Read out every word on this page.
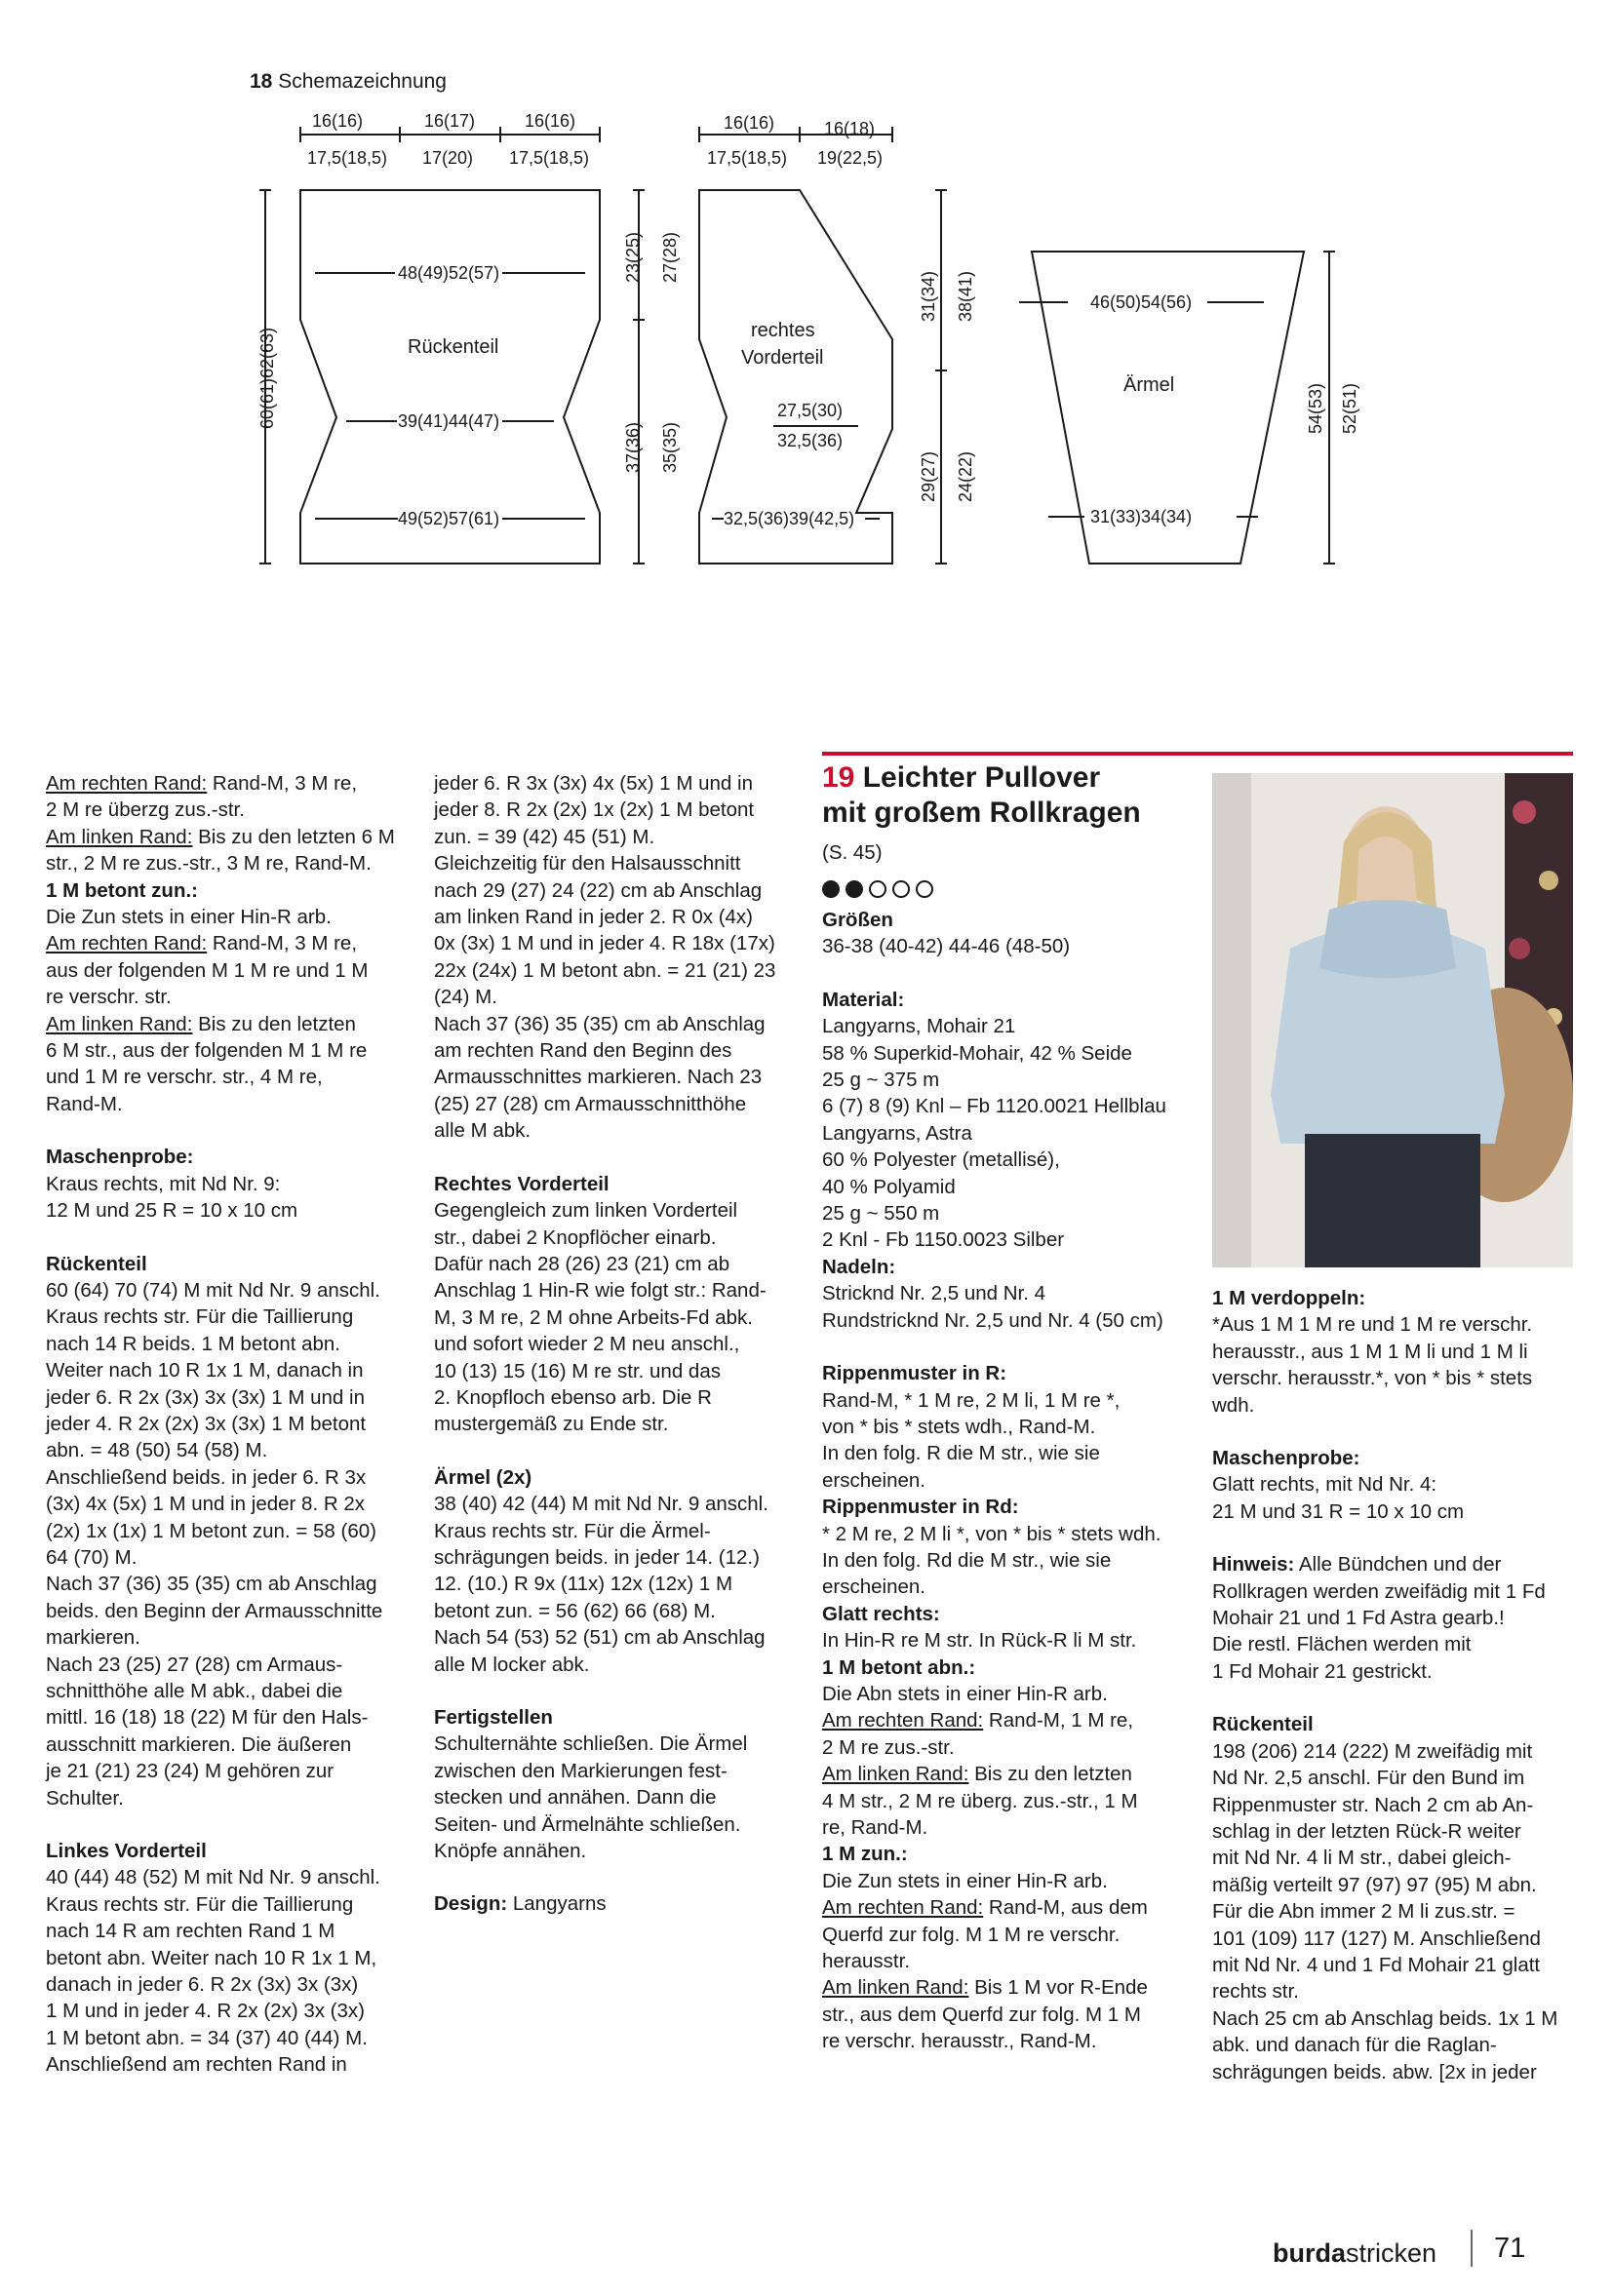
18 Schemazeichnung
16(16)	16(17)	16(16)
17,5(18,5) 17(20) 17,5(18,5)
48(49)52(57)
Rückenteil
39(41)44(47)
49(52)57(61)
60(61)62(63)
23(25) 27(28)
37(36) 35(35)
16(16)	16(18)
17,5(18,5) 19(22,5)
rechtes
Vorderteil
27,5(30)
32,5(36)
32,5(36)39(42,5)
31(34) 38(41)
29(27) 24(22)
46(50)54(56)
Ärmel
31(33)34(34)
54(53) 52(51)

Am rechten Rand: Rand-M, 3 M re,

2 M re überzg zus.-str.

Am linken Rand: Bis zu den letzten 6 M

str., 2 M re zus.-str., 3 M re, Rand-M.

1 M betont zun.:

Die Zun stets in einer Hin-R arb.

Am rechten Rand: Rand-M, 3 M re,

aus der folgenden M 1 M re und 1 M

re verschr. str.

Am linken Rand: Bis zu den letzten

6 M str., aus der folgenden M 1 M re

und 1 M re verschr. str., 4 M re,

Rand-M.

Maschenprobe:

Kraus rechts, mit Nd Nr. 9:

12 M und 25 R = 10 x 10 cm

Rückenteil

60 (64) 70 (74) M mit Nd Nr. 9 anschl.

Kraus rechts str. Für die Taillierung

nach 14 R beids. 1 M betont abn.

Weiter nach 10 R 1x 1 M, danach in

jeder 6. R 2x (3x) 3x (3x) 1 M und in

jeder 4. R 2x (2x) 3x (3x) 1 M betont

abn. = 48 (50) 54 (58) M.

Anschließend beids. in jeder 6. R 3x

(3x) 4x (5x) 1 M und in jeder 8. R 2x

(2x) 1x (1x) 1 M betont zun. = 58 (60)

64 (70) M.

Nach 37 (36) 35 (35) cm ab Anschlag

beids. den Beginn der Armausschnitte

markieren.

Nach 23 (25) 27 (28) cm Armaus-

schnitthöhe alle M abk., dabei die

mittl. 16 (18) 18 (22) M für den Hals-

ausschnitt markieren. Die äußeren

je 21 (21) 23 (24) M gehören zur

Schulter.

Linkes Vorderteil

40 (44) 48 (52) M mit Nd Nr. 9 anschl.

Kraus rechts str. Für die Taillierung

nach 14 R am rechten Rand 1 M

betont abn. Weiter nach 10 R 1x 1 M,

danach in jeder 6. R 2x (3x) 3x (3x)

1 M und in jeder 4. R 2x (2x) 3x (3x)

1 M betont abn. = 34 (37) 40 (44) M.

Anschließend am rechten Rand in

jeder 6. R 3x (3x) 4x (5x) 1 M und in

jeder 8. R 2x (2x) 1x (2x) 1 M betont

zun. = 39 (42) 45 (51) M.

Gleichzeitig für den Halsausschnitt

nach 29 (27) 24 (22) cm ab Anschlag

am linken Rand in jeder 2. R 0x (4x)

0x (3x) 1 M und in jeder 4. R 18x (17x)

22x (24x) 1 M betont abn. = 21 (21) 23

(24) M.

Nach 37 (36) 35 (35) cm ab Anschlag

am rechten Rand den Beginn des

Armausschnittes markieren. Nach 23

(25) 27 (28) cm Armausschnitthöhe

alle M abk.

Rechtes Vorderteil

Gegengleich zum linken Vorderteil

str., dabei 2 Knopflöcher einarb.

Dafür nach 28 (26) 23 (21) cm ab

Anschlag 1 Hin-R wie folgt str.: Rand-

M, 3 M re, 2 M ohne Arbeits-Fd abk.

und sofort wieder 2 M neu anschl.,

10 (13) 15 (16) M re str. und das

2. Knopfloch ebenso arb. Die R

mustergemäß zu Ende str.

Ärmel (2x)

38 (40) 42 (44) M mit Nd Nr. 9 anschl.

Kraus rechts str. Für die Ärmel-

schrägungen beids. in jeder 14. (12.)

12. (10.) R 9x (11x) 12x (12x) 1 M

betont zun. = 56 (62) 66 (68) M.

Nach 54 (53) 52 (51) cm ab Anschlag

alle M locker abk.

Fertigstellen

Schulternähte schließen. Die Ärmel

zwischen den Markierungen fest-

stecken und annähen. Dann die

Seiten- und Ärmelnähte schließen.

Knöpfe annähen.

Design: Langyarns

19 Leichter Pullover
mit großem Rollkragen
(S. 45)

Größen

36-38 (40-42) 44-46 (48-50)

Material:

Langyarns, Mohair 21

58 % Superkid-Mohair, 42 % Seide

25 g ~ 375 m

6 (7) 8 (9) Knl – Fb 1120.0021 Hellblau

Langyarns, Astra

60 % Polyester (metallisé),

40 % Polyamid

25 g ~ 550 m

2 Knl - Fb 1150.0023 Silber

Nadeln:

Stricknd Nr. 2,5 und Nr. 4

Rundstricknd Nr. 2,5 und Nr. 4 (50 cm)

Rippenmuster in R:

Rand-M, * 1 M re, 2 M li, 1 M re *,

von * bis * stets wdh., Rand-M.

In den folg. R die M str., wie sie

erscheinen.

Rippenmuster in Rd:

* 2 M re, 2 M li *, von * bis * stets wdh.

In den folg. Rd die M str., wie sie

erscheinen.

Glatt rechts:

In Hin-R re M str. In Rück-R li M str.

1 M betont abn.:

Die Abn stets in einer Hin-R arb.

Am rechten Rand: Rand-M, 1 M re,

2 M re zus.-str.

Am linken Rand: Bis zu den letzten

4 M str., 2 M re überg. zus.-str., 1 M

re, Rand-M.

1 M zun.:

Die Zun stets in einer Hin-R arb.

Am rechten Rand: Rand-M, aus dem

Querfd zur folg. M 1 M re verschr.

herausstr.

Am linken Rand: Bis 1 M vor R-Ende

str., aus dem Querfd zur folg. M 1 M

re verschr. herausstr., Rand-M.

1 M verdoppeln:

*Aus 1 M 1 M re und 1 M re verschr.

herausstr., aus 1 M 1 M li und 1 M li

verschr. herausstr.*, von * bis * stets

wdh.

Maschenprobe:

Glatt rechts, mit Nd Nr. 4:

21 M und 31 R = 10 x 10 cm

Hinweis: Alle Bündchen und der

Rollkragen werden zweifädig mit 1 Fd

Mohair 21 und 1 Fd Astra gearb.!

Die restl. Flächen werden mit

1 Fd Mohair 21 gestrickt.

Rückenteil

198 (206) 214 (222) M zweifädig mit

Nd Nr. 2,5 anschl. Für den Bund im

Rippenmuster str. Nach 2 cm ab An-

schlag in der letzten Rück-R weiter

mit Nd Nr. 4 li M str., dabei gleich-

mäßig verteilt 97 (97) 97 (95) M abn.

Für die Abn immer 2 M li zus.str. =

101 (109) 117 (127) M. Anschließend

mit Nd Nr. 4 und 1 Fd Mohair 21 glatt

rechts str.

Nach 25 cm ab Anschlag beids. 1x 1 M

abk. und danach für die Raglan-

schrägungen beids. abw. [2x in jeder

burdastricken 71
